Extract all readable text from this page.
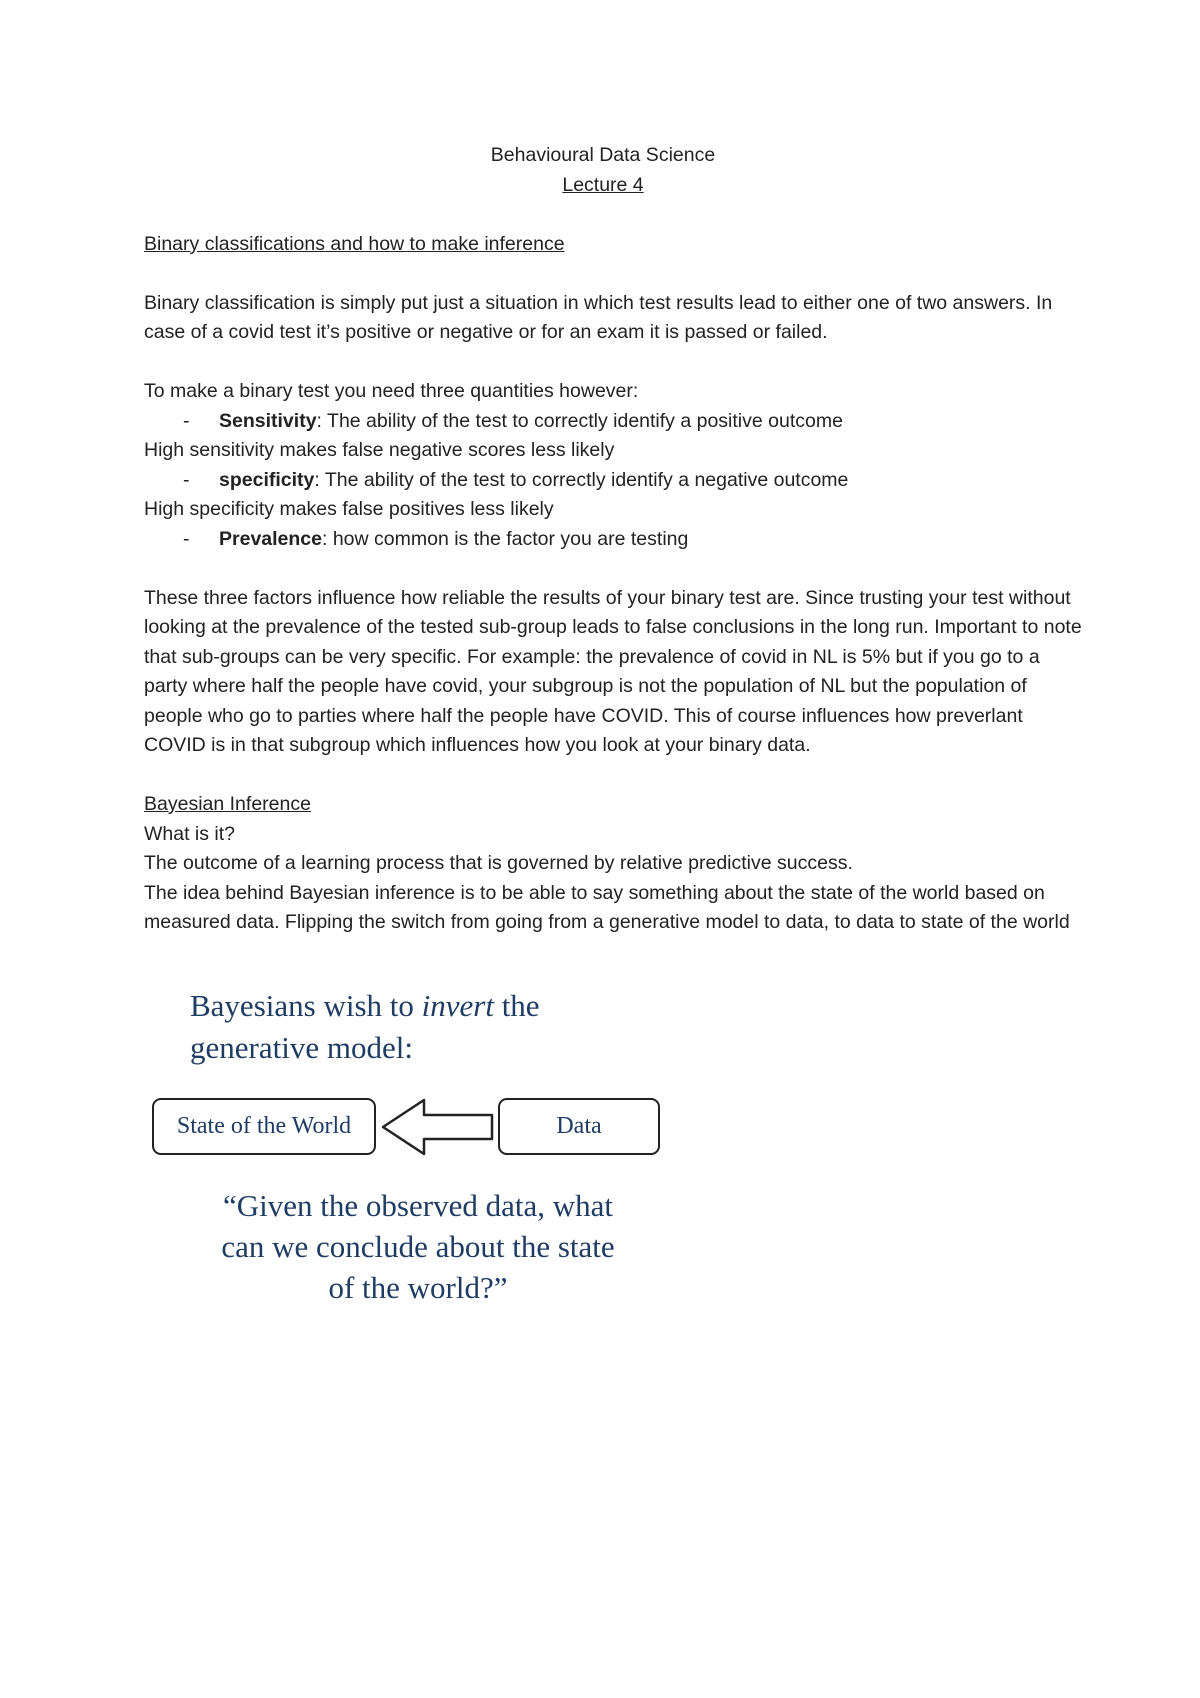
Behavioural Data Science

Lecture 4

Binary classifications and how to make inference

Binary classification is simply put just a situation in which test results lead to either one of two answers. In case of a covid test it’s positive or negative or for an exam it is passed or failed.

To make a binary test you need three quantities however:

-	Sensitivity: The ability of the test to correctly identify a positive outcome

High sensitivity makes false negative scores less likely

-	specificity: The ability of the test to correctly identify a negative outcome

High specificity makes false positives less likely

-	Prevalence: how common is the factor you are testing

These three factors influence how reliable the results of your binary test are. Since trusting your test without looking at the prevalence of the tested sub-group leads to false conclusions in the long run. Important to note that sub-groups can be very specific. For example: the prevalence of covid in NL is 5% but if you go to a party where half the people have covid, your subgroup is not the population of NL but the population of people who go to parties where half the people have COVID. This of course influences how preverlant COVID is in that subgroup which influences how you look at your binary data.

Bayesian Inference

What is it?

The outcome of a learning process that is governed by relative predictive success.

The idea behind Bayesian inference is to be able to say something about the state of the world based on measured data. Flipping the switch from going from a generative model to data, to data to state of the world

Bayesians wish to invert the generative model:
State of the World	Data
“Given the observed data, what
can we conclude about the state
of the world?”
